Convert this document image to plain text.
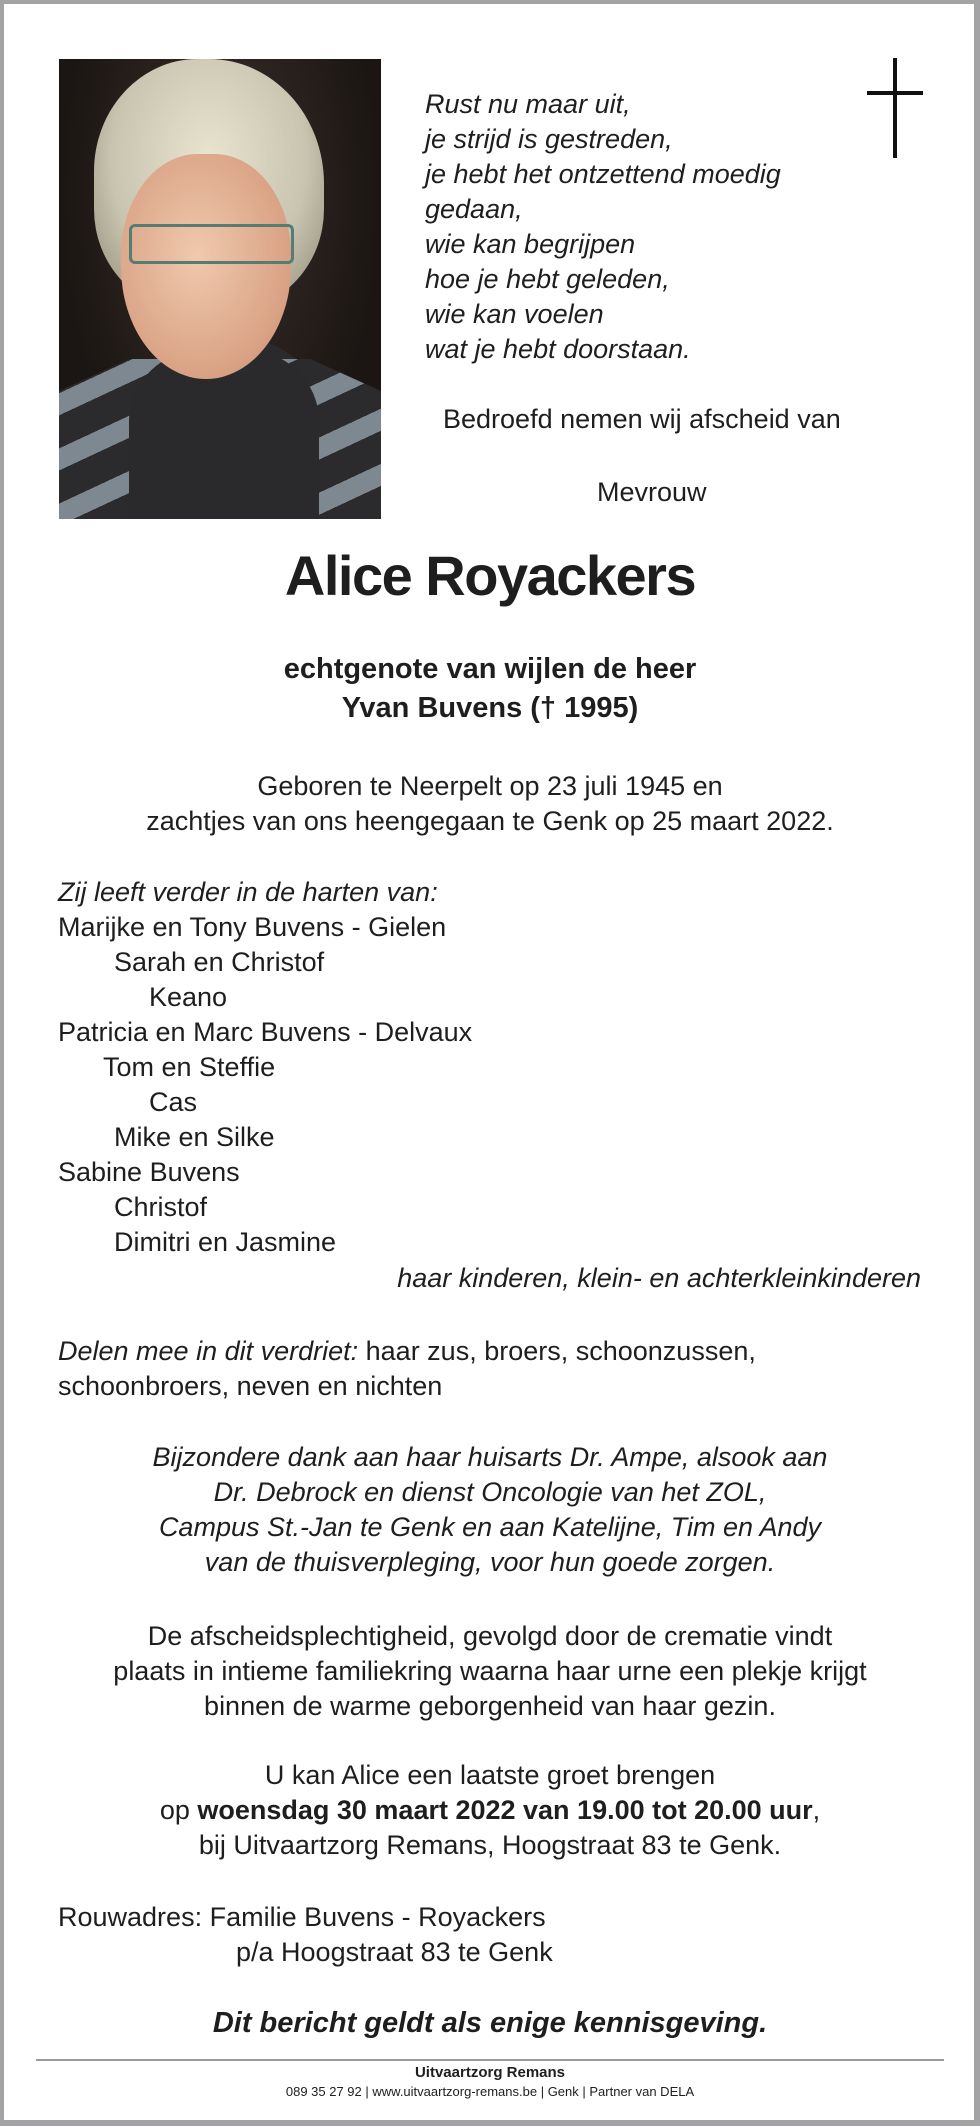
Rust nu maar uit,
je strijd is gestreden,
je hebt het ontzettend moedig
gedaan,
wie kan begrijpen
hoe je hebt geleden,
wie kan voelen
wat je hebt doorstaan.
Bedroefd nemen wij afscheid van
Mevrouw
Alice Royackers
echtgenote van wijlen de heer
Yvan Buvens († 1995)
Geboren te Neerpelt op 23 juli 1945 en
zachtjes van ons heengegaan te Genk op 25 maart 2022.
Zij leeft verder in de harten van:
Marijke en Tony Buvens - Gielen
Sarah en Christof
Keano
Patricia en Marc Buvens - Delvaux
Tom en Steffie
Cas
Mike en Silke
Sabine Buvens
Christof
Dimitri en Jasmine
haar kinderen, klein- en achterkleinkinderen
Delen mee in dit verdriet: haar zus, broers, schoonzussen,
schoonbroers, neven en nichten
Bijzondere dank aan haar huisarts Dr. Ampe, alsook aan
Dr. Debrock en dienst Oncologie van het ZOL,
Campus St.-Jan te Genk en aan Katelijne, Tim en Andy
van de thuisverpleging, voor hun goede zorgen.
De afscheidsplechtigheid, gevolgd door de crematie vindt
plaats in intieme familiekring waarna haar urne een plekje krijgt
binnen de warme geborgenheid van haar gezin.
U kan Alice een laatste groet brengen
op woensdag 30 maart 2022 van 19.00 tot 20.00 uur,
bij Uitvaartzorg Remans, Hoogstraat 83 te Genk.
Rouwadres: Familie Buvens - Royackers
p/a Hoogstraat 83 te Genk
Dit bericht geldt als enige kennisgeving.
Uitvaartzorg Remans
089 35 27 92 | www.uitvaartzorg-remans.be | Genk | Partner van DELA
